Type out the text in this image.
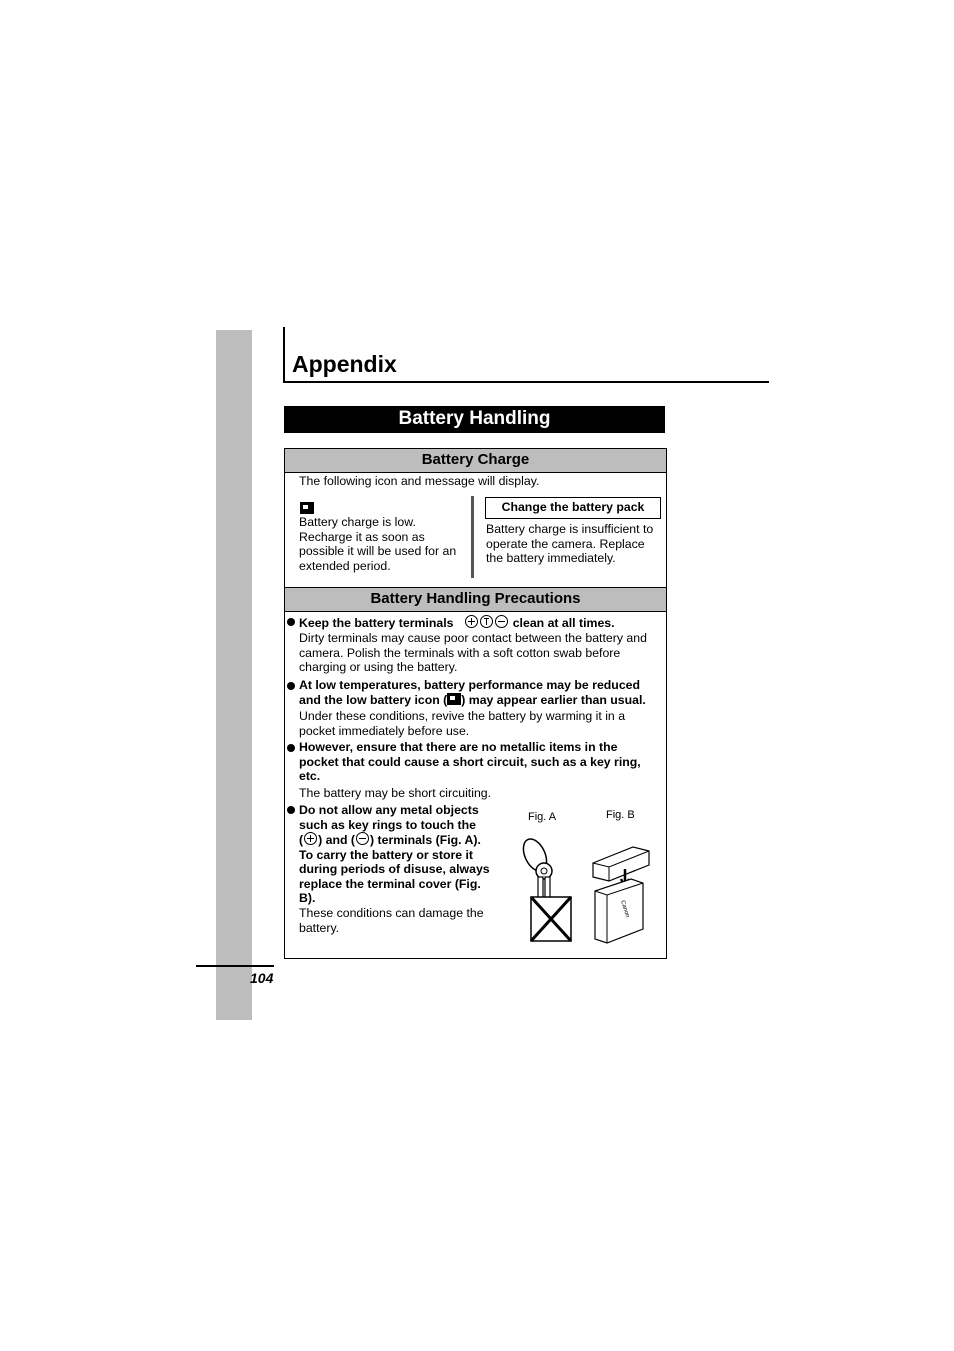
Appendix
Battery Handling
Battery Charge
The following icon and message will display.
Battery charge is low.
Recharge it as soon as
possible it will be used for an
extended period.
Change the battery pack
Battery charge is insufficient to
operate the camera. Replace
the battery immediately.
Battery Handling Precautions
Keep the battery terminals	clean at all times.
Dirty terminals may cause poor contact between the battery and
camera. Polish the terminals with a soft cotton swab before
charging or using the battery.
At low temperatures, battery performance may be reduced
and the low battery icon ( ) may appear earlier than usual.
Under these conditions, revive the battery by warming it in a
pocket immediately before use.
However, ensure that there are no metallic items in the
pocket that could cause a short circuit, such as a key ring,
etc.
The battery may be short circuiting.
Do not allow any metal objects
such as key rings to touch the
( ) and ( ) terminals (Fig. A).
To carry the battery or store it
during periods of disuse, always
replace the terminal cover (Fig.
B).
These conditions can damage the
battery.
Fig. A	Fig. B
Canon
104
